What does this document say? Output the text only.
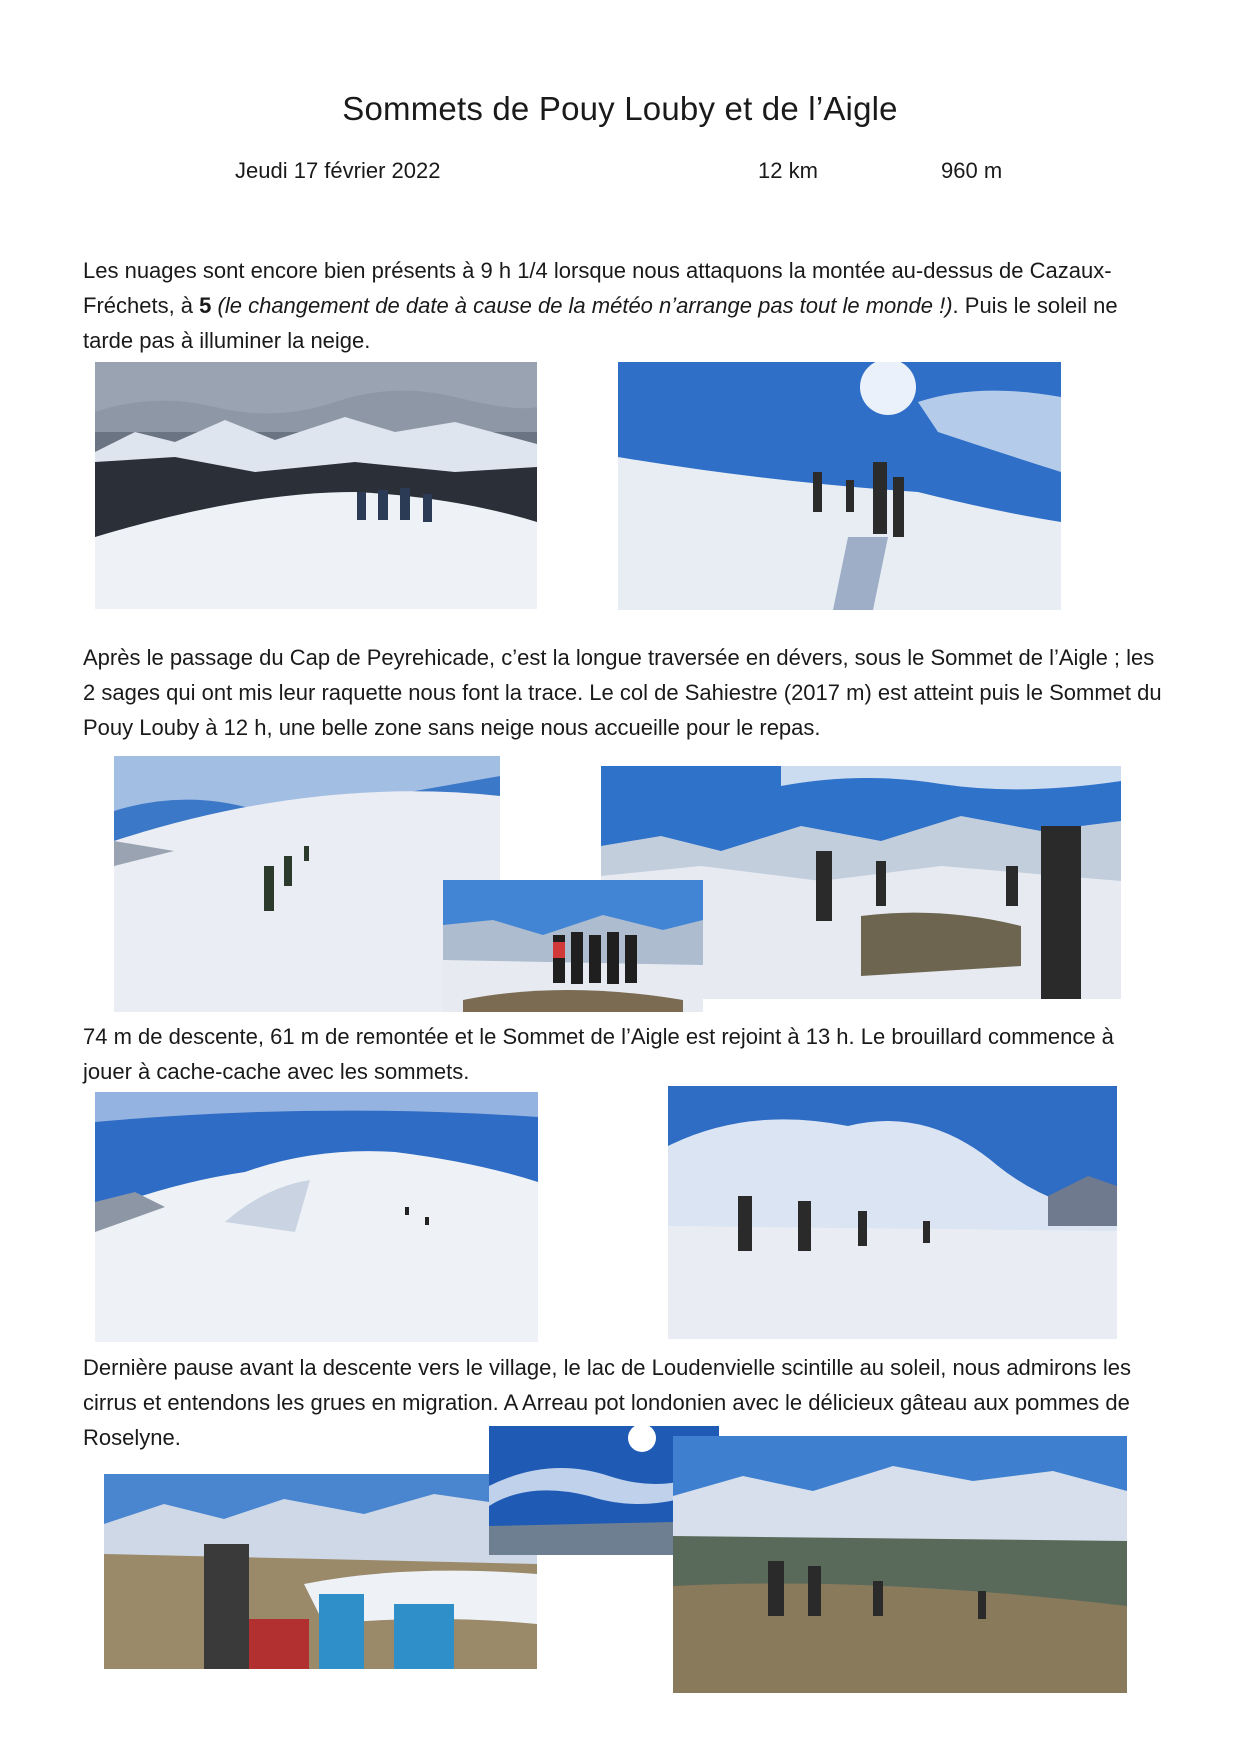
Sommets de Pouy Louby et de l’Aigle
Jeudi 17 février 2022	12 km	960 m

Les nuages sont encore bien présents à 9 h 1/4 lorsque nous attaquons la montée au-dessus de Cazaux-Fréchets, à 5 (le changement de date à cause de la météo n’arrange pas tout le monde !). Puis le soleil ne tarde pas à illuminer la neige.

Après le passage du Cap de Peyrehicade, c’est la longue traversée en dévers, sous le Sommet de l’Aigle ; les 2 sages qui ont mis leur raquette nous font la trace. Le col de Sahiestre (2017 m) est atteint puis le Sommet du Pouy Louby à 12 h, une belle zone sans neige nous accueille pour le repas.

74 m de descente, 61 m de remontée et le Sommet de l’Aigle est rejoint à 13 h. Le brouillard commence à jouer à cache-cache avec les sommets.

Dernière pause avant la descente vers le village, le lac de Loudenvielle scintille au soleil, nous admirons les cirrus et entendons les grues en migration. A Arreau pot londonien avec le délicieux gâteau aux pommes de Roselyne.
